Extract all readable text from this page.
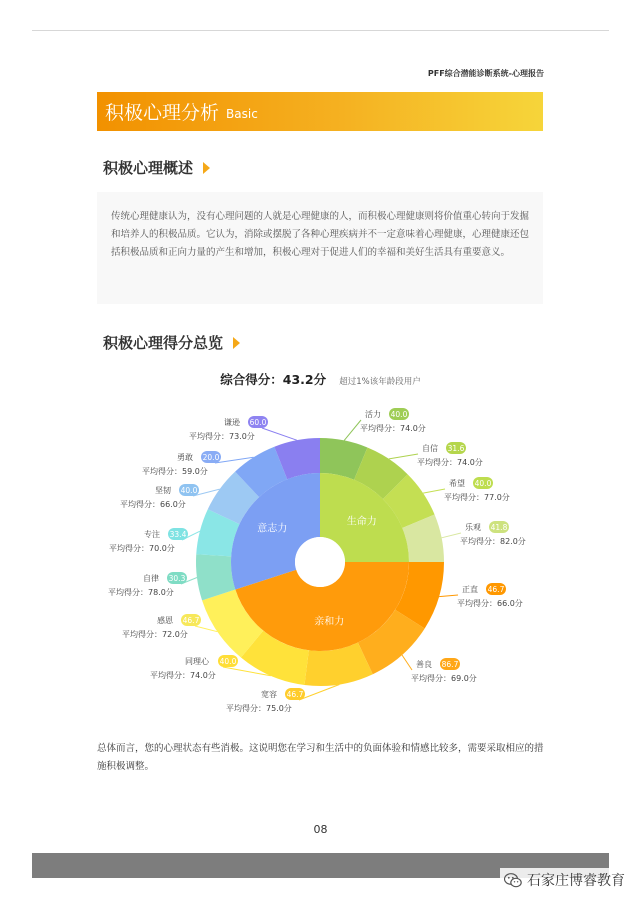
PFF综合潜能诊断系统-心理报告
积极心理分析 Basic
积极心理概述
传统心理健康认为，没有心理问题的人就是心理健康的人，而积极心理健康则将价值重心转向于发掘和培养人的积极品质。它认为，消除或摆脱了各种心理疾病并不一定意味着心理健康，心理健康还包括积极品质和正向力量的产生和增加，积极心理对于促进人们的幸福和美好生活具有重要意义。
积极心理得分总览
综合得分：43.2分 超过1%该年龄段用户
生命力
亲和力
意志力
活力 40.0
平均得分：74.0分
自信 31.6
平均得分：74.0分
希望 40.0
平均得分：77.0分
乐观 41.8
平均得分：82.0分
正直 46.7
平均得分：66.0分
善良 86.7
平均得分：69.0分
宽容 46.7
平均得分：75.0分
同理心 40.0
平均得分：74.0分
感恩 46.7
平均得分：72.0分
自律 30.3
平均得分：78.0分
专注 33.4
平均得分：70.0分
坚韧 40.0
平均得分：66.0分
勇敢 20.0
平均得分：59.0分
谦逊 60.0
平均得分：73.0分
总体而言，您的心理状态有些消极。这说明您在学习和生活中的负面体验和情感比较多，需要采取相应的措施积极调整。
08
石家庄博睿教育
